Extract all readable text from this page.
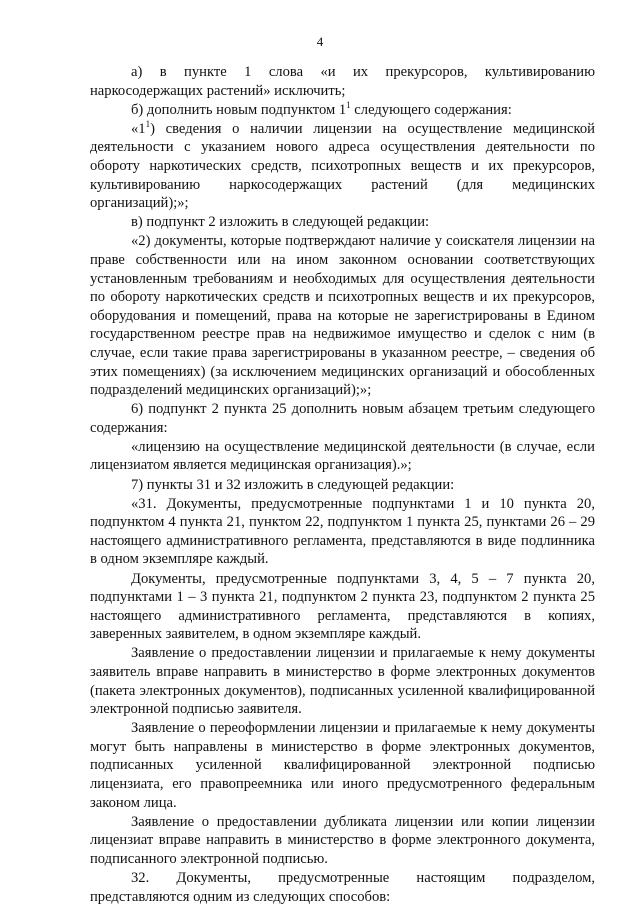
4

а) в пункте 1 слова «и их прекурсоров, культивированию наркосодержащих растений» исключить;

б) дополнить новым подпунктом $1^1$ следующего содержания:

«$1^1$) сведения о наличии лицензии на осуществление медицинской деятельности с указанием нового адреса осуществления деятельности по обороту наркотических средств, психотропных веществ и их прекурсоров, культивированию наркосодержащих растений (для медицинских организаций);»;

в) подпункт 2 изложить в следующей редакции:

«2) документы, которые подтверждают наличие у соискателя лицензии на праве собственности или на ином законном основании соответствующих установленным требованиям и необходимых для осуществления деятельности по обороту наркотических средств и психотропных веществ и их прекурсоров, оборудования и помещений, права на которые не зарегистрированы в Едином государственном реестре прав на недвижимое имущество и сделок с ним (в случае, если такие права зарегистрированы в указанном реестре, – сведения об этих помещениях) (за исключением медицинских организаций и обособленных подразделений медицинских организаций);»;

6) подпункт 2 пункта 25 дополнить новым абзацем третьим следующего содержания:

«лицензию на осуществление медицинской деятельности (в случае, если лицензиатом является медицинская организация).»;

7) пункты 31 и 32 изложить в следующей редакции:

«31. Документы, предусмотренные подпунктами 1 и 10 пункта 20, подпунктом 4 пункта 21, пунктом 22, подпунктом 1 пункта 25, пунктами 26 – 29 настоящего административного регламента, представляются в виде подлинника в одном экземпляре каждый.

Документы, предусмотренные подпунктами 3, 4, 5 – 7 пункта 20, подпунктами 1 – 3 пункта 21, подпунктом 2 пункта 23, подпунктом 2 пункта 25 настоящего административного регламента, представляются в копиях, заверенных заявителем, в одном экземпляре каждый.

Заявление о предоставлении лицензии и прилагаемые к нему документы заявитель вправе направить в министерство в форме электронных документов (пакета электронных документов), подписанных усиленной квалифицированной электронной подписью заявителя.

Заявление о переоформлении лицензии и прилагаемые к нему документы могут быть направлены в министерство в форме электронных документов, подписанных усиленной квалифицированной электронной подписью лицензиата, его правопреемника или иного предусмотренного федеральным законом лица.

Заявление о предоставлении дубликата лицензии или копии лицензии лицензиат вправе направить в министерство в форме электронного документа, подписанного электронной подписью.

32. Документы, предусмотренные настоящим подразделом, представляются одним из следующих способов:
